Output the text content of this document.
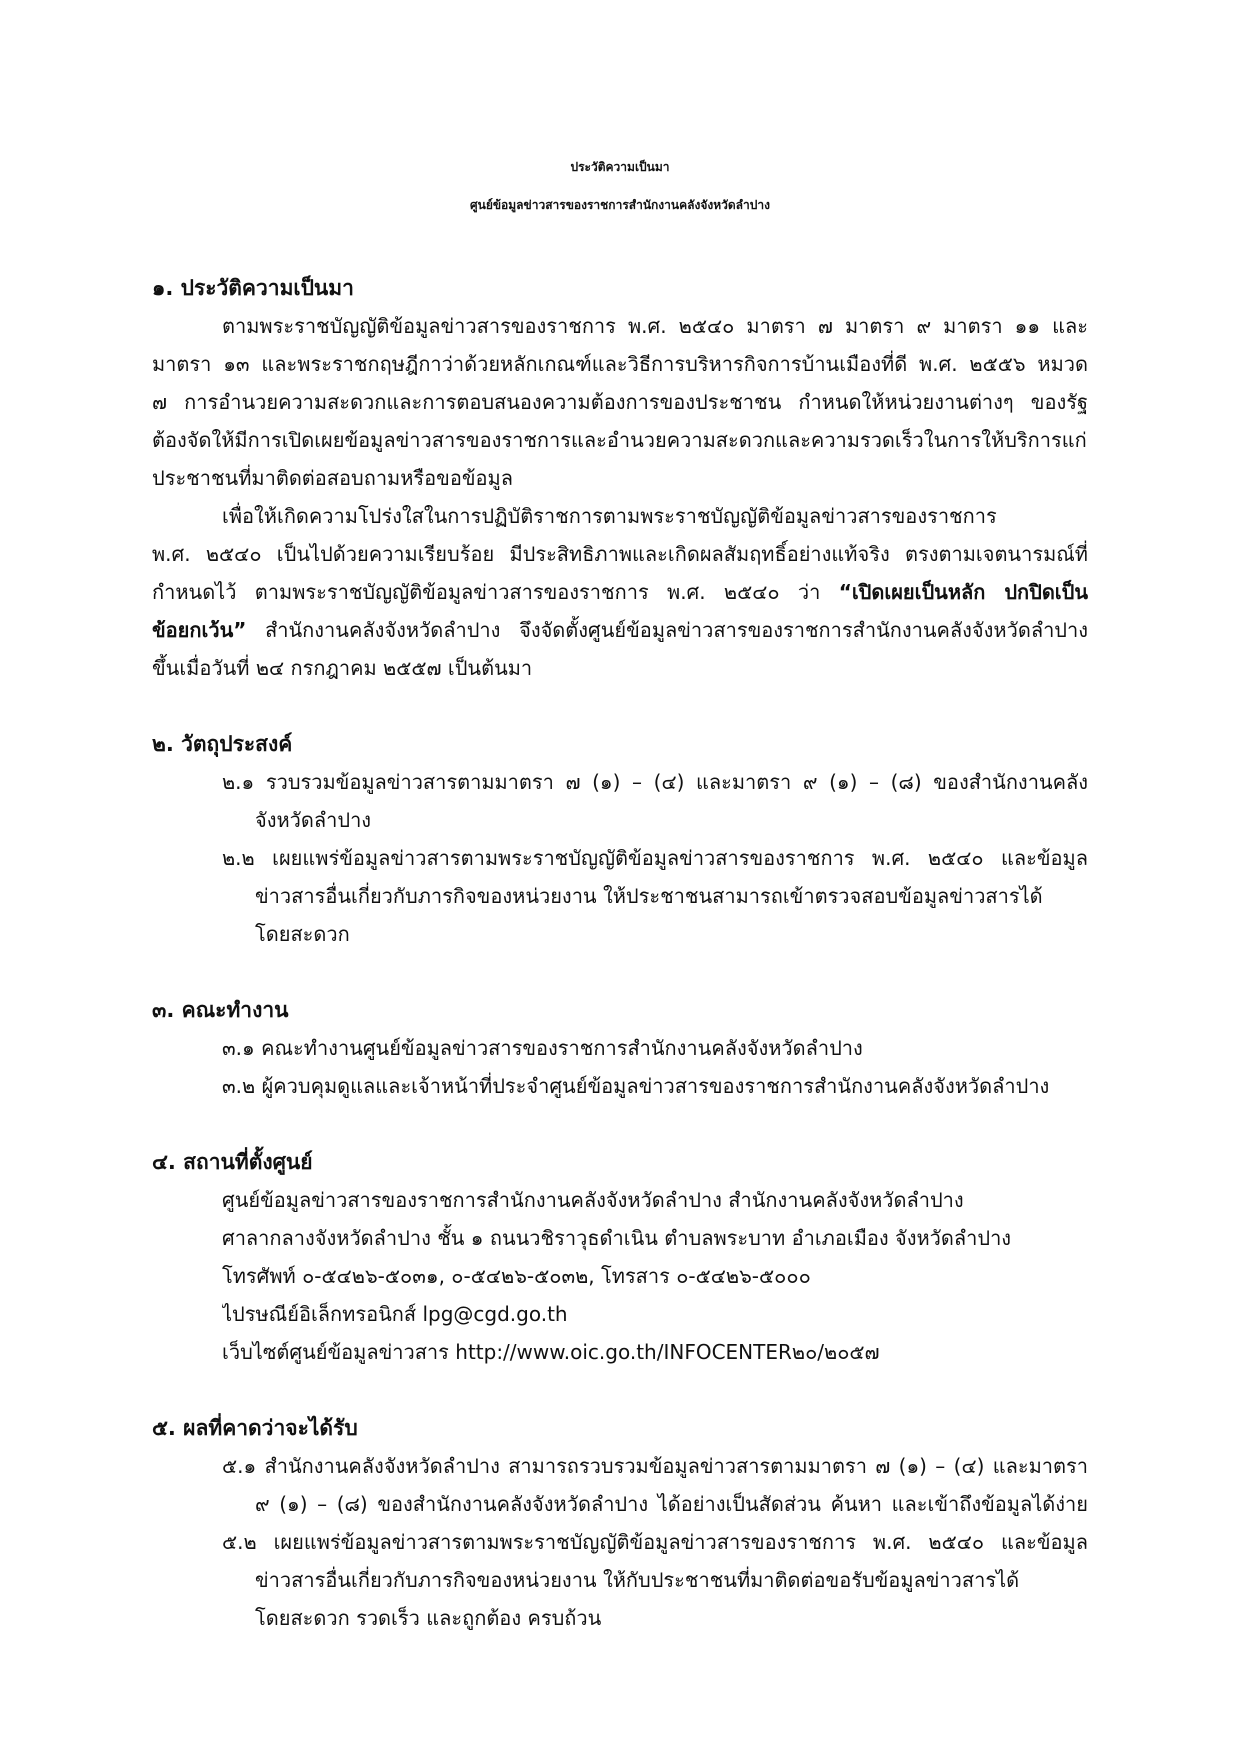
ประวัติความเป็นมา
ศูนย์ข้อมูลข่าวสารของราชการสำนักงานคลังจังหวัดลำปาง
๑. ประวัติความเป็นมา
ตามพระราชบัญญัติข้อมูลข่าวสารของราชการ พ.ศ. ๒๕๔๐ มาตรา ๗ มาตรา ๙ มาตรา ๑๑ และ
มาตรา ๑๓ และพระราชกฤษฎีกาว่าด้วยหลักเกณฑ์และวิธีการบริหารกิจการบ้านเมืองที่ดี พ.ศ. ๒๕๕๖ หมวด
๗ การอำนวยความสะดวกและการตอบสนองความต้องการของประชาชน กำหนดให้หน่วยงานต่างๆ ของรัฐ
ต้องจัดให้มีการเปิดเผยข้อมูลข่าวสารของราชการและอำนวยความสะดวกและความรวดเร็วในการให้บริการแก่
ประชาชนที่มาติดต่อสอบถามหรือขอข้อมูล
เพื่อให้เกิดความโปร่งใสในการปฏิบัติราชการตามพระราชบัญญัติข้อมูลข่าวสารของราชการ
พ.ศ. ๒๕๔๐ เป็นไปด้วยความเรียบร้อย มีประสิทธิภาพและเกิดผลสัมฤทธิ์อย่างแท้จริง ตรงตามเจตนารมณ์ที่
กำหนดไว้ ตามพระราชบัญญัติข้อมูลข่าวสารของราชการ พ.ศ. ๒๕๔๐ ว่า “เปิดเผยเป็นหลัก ปกปิดเป็น
ข้อยกเว้น” สำนักงานคลังจังหวัดลำปาง จึงจัดตั้งศูนย์ข้อมูลข่าวสารของราชการสำนักงานคลังจังหวัดลำปาง
ขึ้นเมื่อวันที่ ๒๔ กรกฎาคม ๒๕๕๗ เป็นต้นมา
๒. วัตถุประสงค์
๒.๑ รวบรวมข้อมูลข่าวสารตามมาตรา ๗ (๑) – (๔) และมาตรา ๙ (๑) – (๘) ของสำนักงานคลัง
จังหวัดลำปาง
๒.๒ เผยแพร่ข้อมูลข่าวสารตามพระราชบัญญัติข้อมูลข่าวสารของราชการ พ.ศ. ๒๕๔๐ และข้อมูล
ข่าวสารอื่นเกี่ยวกับภารกิจของหน่วยงาน ให้ประชาชนสามารถเข้าตรวจสอบข้อมูลข่าวสารได้
โดยสะดวก
๓. คณะทำงาน
๓.๑ คณะทำงานศูนย์ข้อมูลข่าวสารของราชการสำนักงานคลังจังหวัดลำปาง
๓.๒ ผู้ควบคุมดูแลและเจ้าหน้าที่ประจำศูนย์ข้อมูลข่าวสารของราชการสำนักงานคลังจังหวัดลำปาง
๔. สถานที่ตั้งศูนย์
ศูนย์ข้อมูลข่าวสารของราชการสำนักงานคลังจังหวัดลำปาง สำนักงานคลังจังหวัดลำปาง
ศาลากลางจังหวัดลำปาง ชั้น ๑ ถนนวชิราวุธดำเนิน ตำบลพระบาท อำเภอเมือง จังหวัดลำปาง
โทรศัพท์ ๐-๕๔๒๖-๕๐๓๑, ๐-๕๔๒๖-๕๐๓๒, โทรสาร ๐-๕๔๒๖-๕๐๐๐
ไปรษณีย์อิเล็กทรอนิกส์ lpg@cgd.go.th
เว็บไซต์ศูนย์ข้อมูลข่าวสาร http://www.oic.go.th/INFOCENTER๒๐/๒๐๕๗
๕. ผลที่คาดว่าจะได้รับ
๕.๑ สำนักงานคลังจังหวัดลำปาง สามารถรวบรวมข้อมูลข่าวสารตามมาตรา ๗ (๑) – (๔) และมาตรา
๙ (๑) – (๘) ของสำนักงานคลังจังหวัดลำปาง ได้อย่างเป็นสัดส่วน ค้นหา และเข้าถึงข้อมูลได้ง่าย
๕.๒ เผยแพร่ข้อมูลข่าวสารตามพระราชบัญญัติข้อมูลข่าวสารของราชการ พ.ศ. ๒๕๔๐ และข้อมูล
ข่าวสารอื่นเกี่ยวกับภารกิจของหน่วยงาน ให้กับประชาชนที่มาติดต่อขอรับข้อมูลข่าวสารได้
โดยสะดวก รวดเร็ว และถูกต้อง ครบถ้วน
